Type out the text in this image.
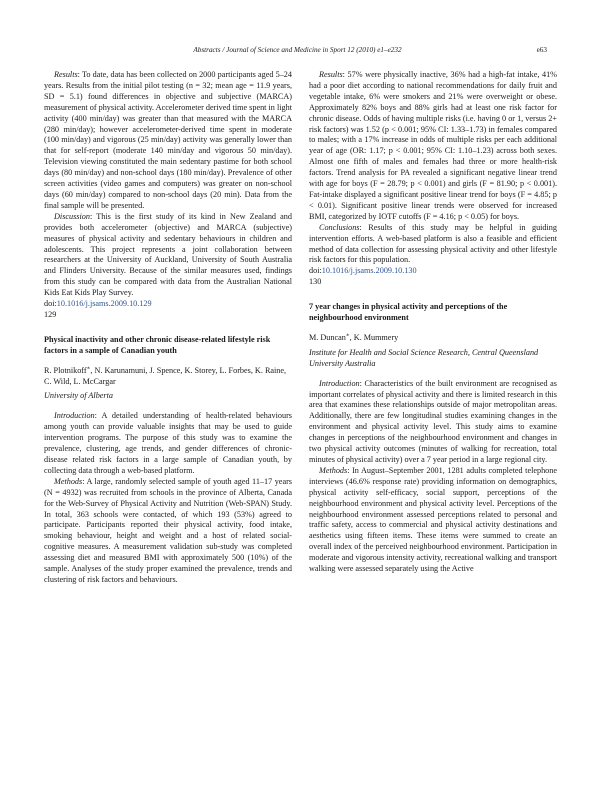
Abstracts / Journal of Science and Medicine in Sport 12 (2010) e1–e232	e63

Results: To date, data has been collected on 2000 participants aged 5–24 years. Results from the initial pilot testing (n = 32; mean age = 11.9 years, SD = 5.1) found differences in objective and subjective (MARCA) measurement of physical activity. Accelerometer derived time spent in light activity (400 min/day) was greater than that measured with the MARCA (280 min/day); however accelerometer-derived time spent in moderate (100 min/day) and vigorous (25 min/day) activity was generally lower than that for self-report (moderate 140 min/day and vigorous 50 min/day). Television viewing constituted the main sedentary pastime for both school days (80 min/day) and non-school days (180 min/day). Prevalence of other screen activities (video games and computers) was greater on non-school days (60 min/day) compared to non-school days (20 min). Data from the final sample will be presented.

Discussion: This is the first study of its kind in New Zealand and provides both accelerometer (objective) and MARCA (subjective) measures of physical activity and sedentary behaviours in children and adolescents. This project represents a joint collaboration between researchers at the University of Auckland, University of South Australia and Flinders University. Because of the similar measures used, findings from this study can be compared with data from the Australian National Kids Eat Kids Play Survey.

doi:10.1016/j.jsams.2009.10.129

129

Physical inactivity and other chronic disease-related lifestyle risk factors in a sample of Canadian youth

R. Plotnikoff∗, N. Karunamuni, J. Spence, K. Storey, L. Forbes, K. Raine, C. Wild, L. McCargar

University of Alberta

Introduction: A detailed understanding of health-related behaviours among youth can provide valuable insights that may be used to guide intervention programs. The purpose of this study was to examine the prevalence, clustering, age trends, and gender differences of chronic-disease related risk factors in a large sample of Canadian youth, by collecting data through a web-based platform.

Methods: A large, randomly selected sample of youth aged 11–17 years (N = 4932) was recruited from schools in the province of Alberta, Canada for the Web-Survey of Physical Activity and Nutrition (Web-SPAN) Study. In total, 363 schools were contacted, of which 193 (53%) agreed to participate. Participants reported their physical activity, food intake, smoking behaviour, height and weight and a host of related social-cognitive measures. A measurement validation sub-study was completed assessing diet and measured BMI with approximately 500 (10%) of the sample. Analyses of the study proper examined the prevalence, trends and clustering of risk factors and behaviours.

Results: 57% were physically inactive, 36% had a high-fat intake, 41% had a poor diet according to national recommendations for daily fruit and vegetable intake, 6% were smokers and 21% were overweight or obese. Approximately 82% boys and 88% girls had at least one risk factor for chronic disease. Odds of having multiple risks (i.e. having 0 or 1, versus 2+ risk factors) was 1.52 (p < 0.001; 95% CI: 1.33–1.73) in females compared to males; with a 17% increase in odds of multiple risks per each additional year of age (OR: 1.17; p < 0.001; 95% CI: 1.10–1.23) across both sexes. Almost one fifth of males and females had three or more health-risk factors. Trend analysis for PA revealed a significant negative linear trend with age for boys (F = 28.79; p < 0.001) and girls (F = 81.90; p < 0.001). Fat-intake displayed a significant positive linear trend for boys (F = 4.85; p < 0.01). Significant positive linear trends were observed for increased BMI, categorized by IOTF cutoffs (F = 4.16; p < 0.05) for boys.

Conclusions: Results of this study may be helpful in guiding intervention efforts. A web-based platform is also a feasible and efficient method of data collection for assessing physical activity and other lifestyle risk factors for this population.

doi:10.1016/j.jsams.2009.10.130

130

7 year changes in physical activity and perceptions of the neighbourhood environment

M. Duncan∗, K. Mummery

Institute for Health and Social Science Research, Central Queensland University Australia

Introduction: Characteristics of the built environment are recognised as important correlates of physical activity and there is limited research in this area that examines these relationships outside of major metropolitan areas. Additionally, there are few longitudinal studies examining changes in the environment and physical activity level. This study aims to examine changes in perceptions of the neighbourhood environment and changes in two physical activity outcomes (minutes of walking for recreation, total minutes of physical activity) over a 7 year period in a large regional city.

Methods: In August–September 2001, 1281 adults completed telephone interviews (46.6% response rate) providing information on demographics, physical activity self-efficacy, social support, perceptions of the neighbourhood environment and physical activity level. Perceptions of the neighbourhood environment assessed perceptions related to personal and traffic safety, access to commercial and physical activity destinations and aesthetics using fifteen items. These items were summed to create an overall index of the perceived neighbourhood environment. Participation in moderate and vigorous intensity activity, recreational walking and transport walking were assessed separately using the Active
